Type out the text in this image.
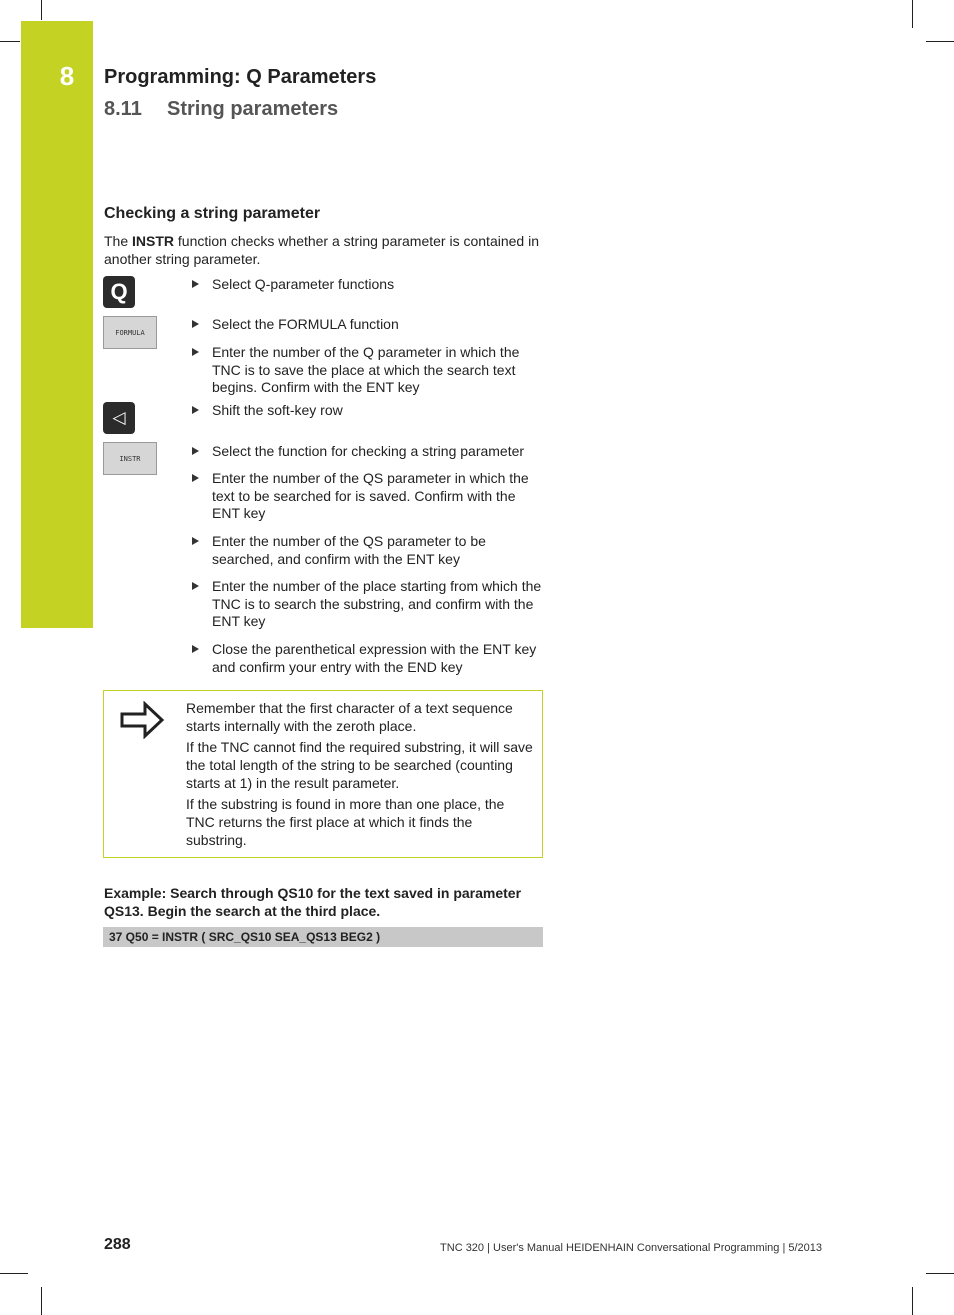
8	Programming: Q Parameters
8.11 String parameters
Checking a string parameter

The INSTR function checks whether a string parameter is contained in another string parameter.

Q
FORMULA
◁
INSTR
Select Q-parameter functions
Select the FORMULA function
Enter the number of the Q parameter in which the TNC is to save the place at which the search text begins. Confirm with the ENT key
Shift the soft-key row
Select the function for checking a string parameter
Enter the number of the QS parameter in which the text to be searched for is saved. Confirm with the ENT key
Enter the number of the QS parameter to be searched, and confirm with the ENT key
Enter the number of the place starting from which the TNC is to search the substring, and confirm with the ENT key
Close the parenthetical expression with the ENT key and confirm your entry with the END key

Remember that the first character of a text sequence starts internally with the zeroth place.

If the TNC cannot find the required substring, it will save the total length of the string to be searched (counting starts at 1) in the result parameter.

If the substring is found in more than one place, the TNC returns the first place at which it finds the substring.

Example: Search through QS10 for the text saved in parameter QS13. Begin the search at the third place.

37 Q50 = INSTR ( SRC_QS10 SEA_QS13 BEG2 )

288	TNC 320 | User's Manual HEIDENHAIN Conversational Programming | 5/2013
